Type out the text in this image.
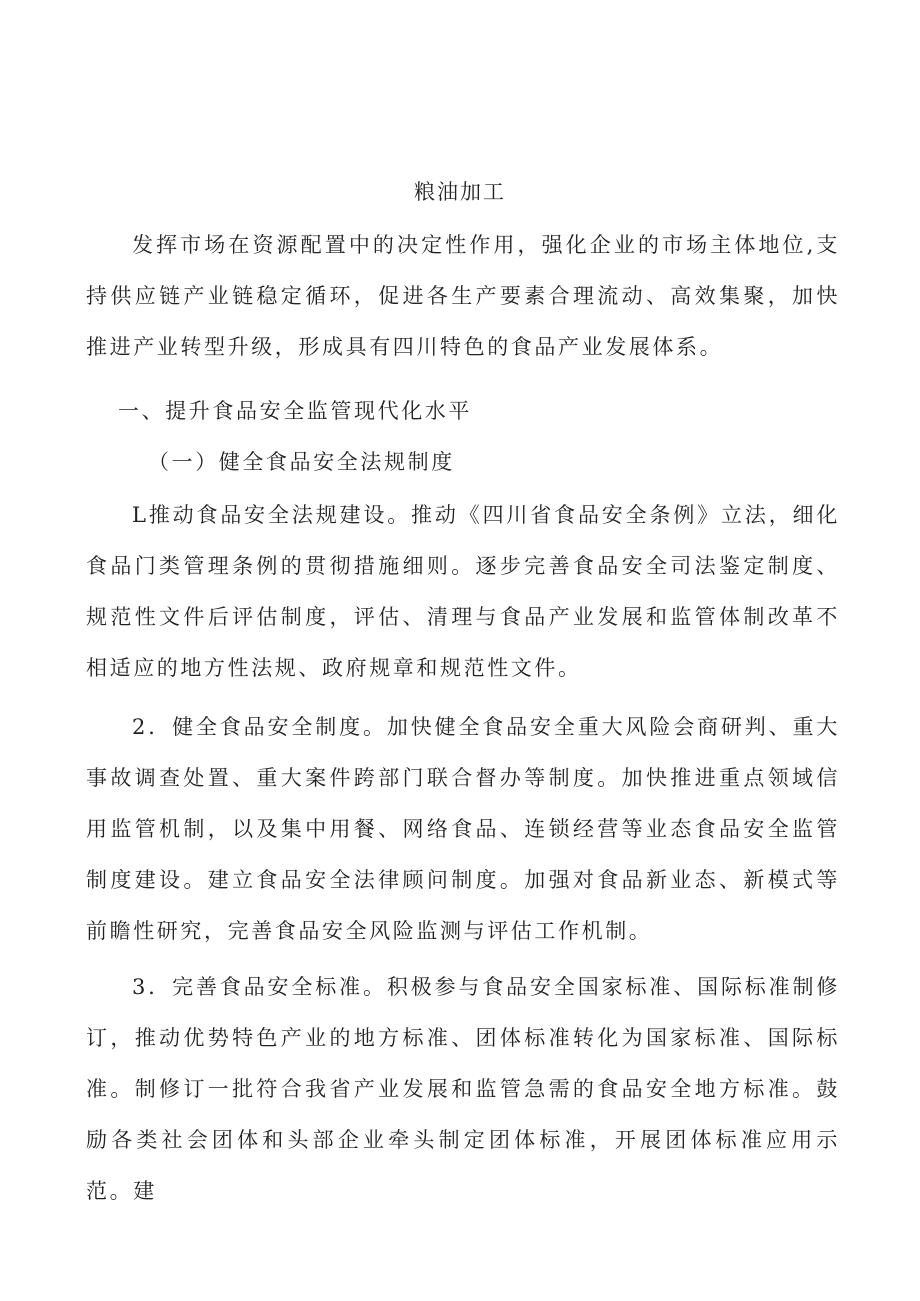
粮油加工

发挥市场在资源配置中的决定性作用，强化企业的市场主体地位,支持供应链产业链稳定循环，促进各生产要素合理流动、高效集聚，加快推进产业转型升级，形成具有四川特色的食品产业发展体系。

一、提升食品安全监管现代化水平

（一）健全食品安全法规制度

L推动食品安全法规建设。推动《四川省食品安全条例》立法，细化食品门类管理条例的贯彻措施细则。逐步完善食品安全司法鉴定制度、规范性文件后评估制度，评估、清理与食品产业发展和监管体制改革不相适应的地方性法规、政府规章和规范性文件。

2．健全食品安全制度。加快健全食品安全重大风险会商研判、重大事故调查处置、重大案件跨部门联合督办等制度。加快推进重点领域信用监管机制，以及集中用餐、网络食品、连锁经营等业态食品安全监管制度建设。建立食品安全法律顾问制度。加强对食品新业态、新模式等前瞻性研究，完善食品安全风险监测与评估工作机制。

3．完善食品安全标准。积极参与食品安全国家标准、国际标准制修订，推动优势特色产业的地方标准、团体标准转化为国家标准、国际标准。制修订一批符合我省产业发展和监管急需的食品安全地方标准。鼓励各类社会团体和头部企业牵头制定团体标准，开展团体标准应用示范。建
